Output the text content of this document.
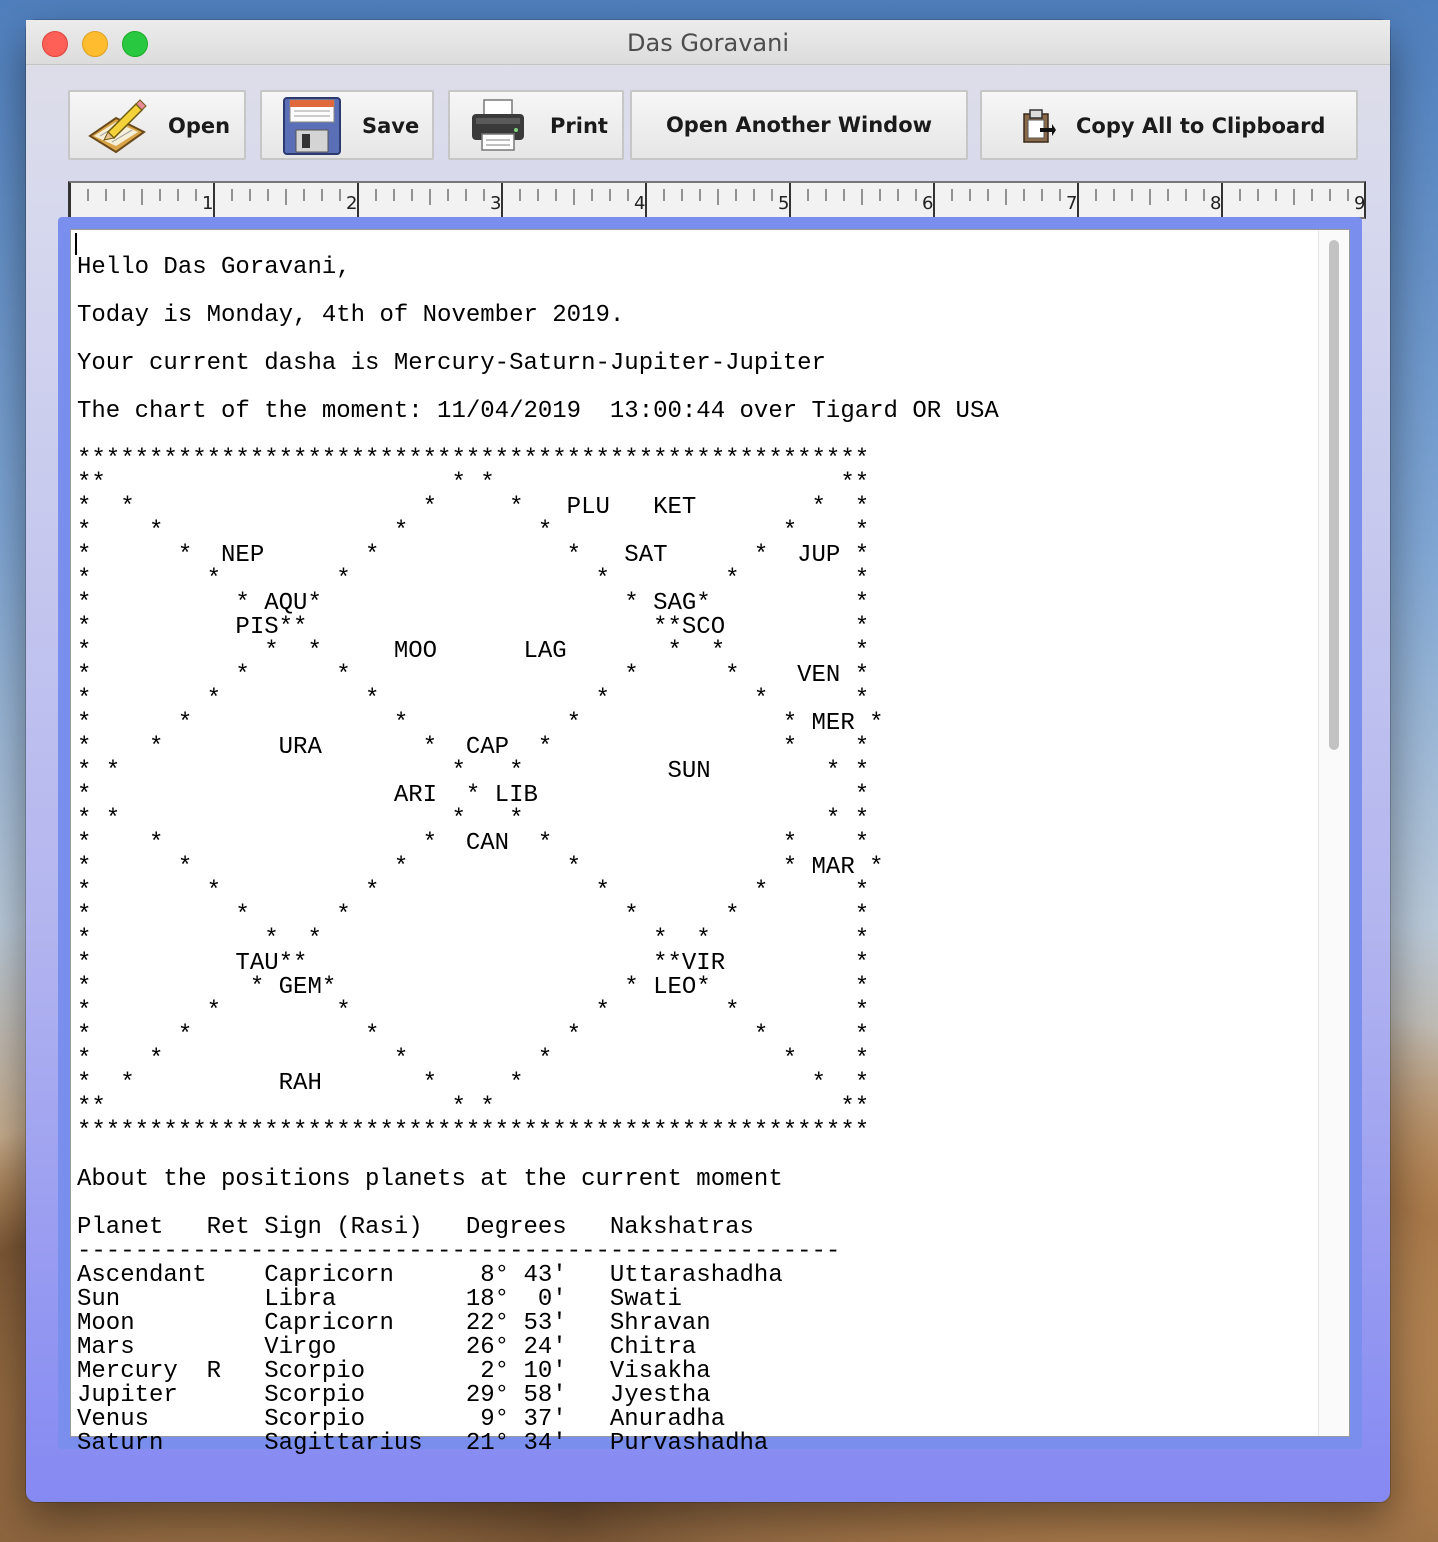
Das Goravani
Open	Save	Print	Open Another Window	Copy All to Clipboard
1	2	3	4	5	6	7	8	9
Hello Das Goravani,

Today is Monday, 4th of November 2019.

Your current dasha is Mercury-Saturn-Jupiter-Jupiter

The chart of the moment: 11/04/2019  13:00:44 over Tigard OR USA

*******************************************************
**                        * *                        **
*  *                    *     *   PLU   KET        *  *
*    *                *         *                *    *
*      *  NEP       *             *   SAT      *  JUP *
*        *        *                 *        *        *
*          * AQU*                     * SAG*          *
*          PIS**                        **SCO         *
*            *  *     MOO      LAG       *  *         *
*          *      *                   *      *    VEN *
*        *          *               *          *      *
*      *              *           *              * MER *
*    *        URA       *  CAP  *                *    *
* *                       *   *          SUN        * *
*                     ARI  * LIB                      *
* *                       *   *                     * *
*    *                  *  CAN  *                *    *
*      *              *           *              * MAR *
*        *          *               *          *      *
*          *      *                   *      *        *
*            *  *                       *  *          *
*          TAU**                        **VIR         *
*           * GEM*                    * LEO*          *
*        *        *                 *        *        *
*      *            *             *            *      *
*    *                *         *                *    *
*  *          RAH       *     *                    *  *
**                        * *                        **
*******************************************************

About the positions planets at the current moment

Planet   Ret Sign (Rasi)   Degrees   Nakshatras
-----------------------------------------------------
Ascendant    Capricorn      8° 43′   Uttarashadha
Sun          Libra         18°  0′   Swati
Moon         Capricorn     22° 53′   Shravan
Mars         Virgo         26° 24′   Chitra
Mercury  R   Scorpio        2° 10′   Visakha
Jupiter      Scorpio       29° 58′   Jyestha
Venus        Scorpio        9° 37′   Anuradha
Saturn       Sagittarius   21° 34′   Purvashadha
